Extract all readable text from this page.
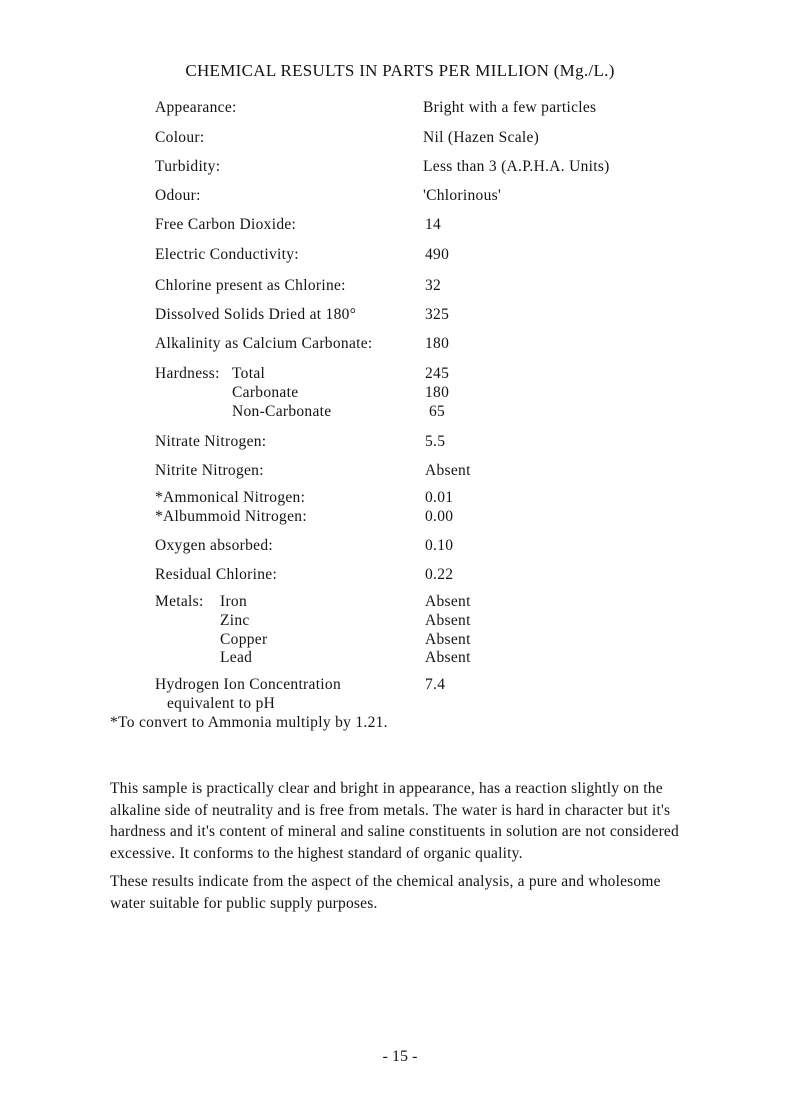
CHEMICAL RESULTS IN PARTS PER MILLION (Mg./L.)
Appearance:	Bright with a few particles
Colour:	Nil (Hazen Scale)
Turbidity:	Less than 3 (A.P.H.A. Units)
Odour:	'Chlorinous'
Free Carbon Dioxide:	14
Electric Conductivity:	490
Chlorine present as Chlorine:	32
Dissolved Solids Dried at 180°	325
Alkalinity as Calcium Carbonate:	180
Hardness: Total	245
Carbonate	180
Non-Carbonate	65
Nitrate Nitrogen:	5.5
Nitrite Nitrogen:	Absent
*Ammonical Nitrogen:	0.01
*Albummoid Nitrogen:	0.00
Oxygen absorbed:	0.10
Residual Chlorine:	0.22
Metals: Iron	Absent
Zinc	Absent
Copper	Absent
Lead	Absent
Hydrogen Ion Concentration	7.4
equivalent to pH
*To convert to Ammonia multiply by 1.21.

This sample is practically clear and bright in appearance, has a reaction slightly on the alkaline side of neutrality and is free from metals. The water is hard in character but it's hardness and it's content of mineral and saline constituents in solution are not considered excessive. It conforms to the highest standard of organic quality.

These results indicate from the aspect of the chemical analysis, a pure and wholesome water suitable for public supply purposes.

- 15 -
